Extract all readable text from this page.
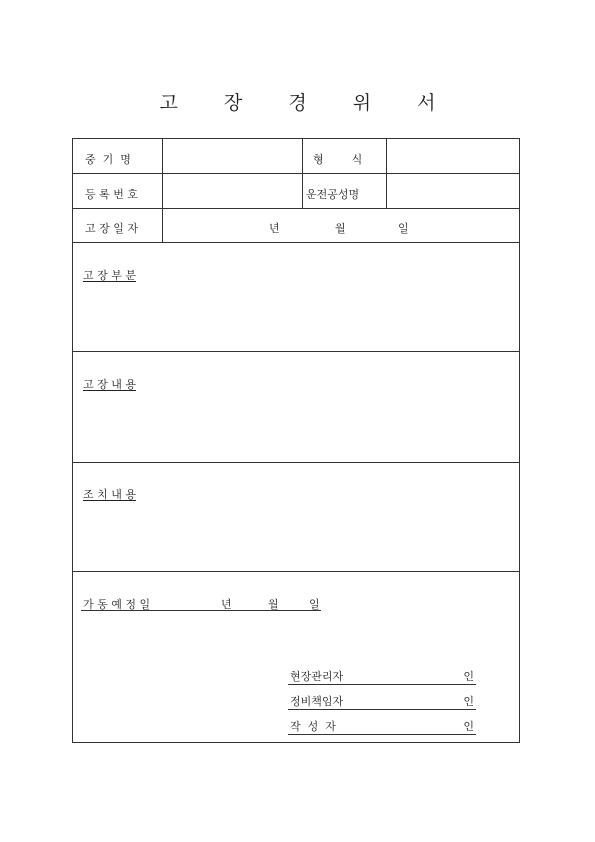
고 장 경 위 서
중  기  명	형        식
등 록 번 호	운전공성명
고 장 일 자	년	월	일
고 장 부 분
고 장 내 용
조 치 내 용
가 동 예 정 일	년	월	일
현장관리자	인
정비책임자	인
작  성  자	인
